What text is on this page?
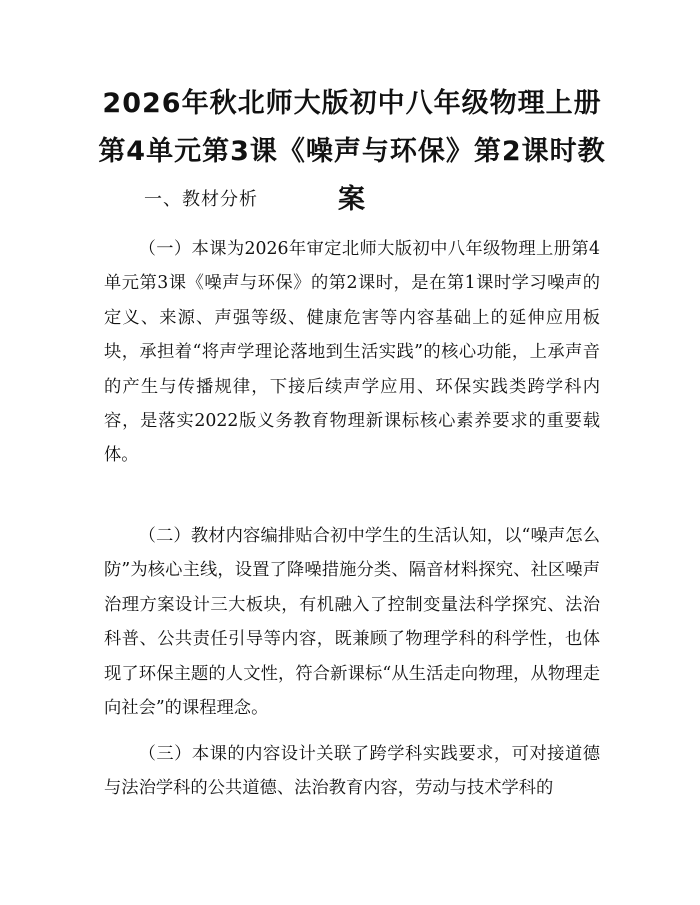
2026年秋北师大版初中八年级物理上册第4单元第3课《噪声与环保》第2课时教案

一、教材分析

（一）本课为2026年审定北师大版初中八年级物理上册第4单元第3课《噪声与环保》的第2课时，是在第1课时学习噪声的定义、来源、声强等级、健康危害等内容基础上的延伸应用板块，承担着“将声学理论落地到生活实践”的核心功能，上承声音的产生与传播规律，下接后续声学应用、环保实践类跨学科内容，是落实2022版义务教育物理新课标核心素养要求的重要载体。

（二）教材内容编排贴合初中学生的生活认知，以“噪声怎么防”为核心主线，设置了降噪措施分类、隔音材料探究、社区噪声治理方案设计三大板块，有机融入了控制变量法科学探究、法治科普、公共责任引导等内容，既兼顾了物理学科的科学性，也体现了环保主题的人文性，符合新课标“从生活走向物理，从物理走向社会”的课程理念。

（三）本课的内容设计关联了跨学科实践要求，可对接道德与法治学科的公共道德、法治教育内容，劳动与技术学科的
